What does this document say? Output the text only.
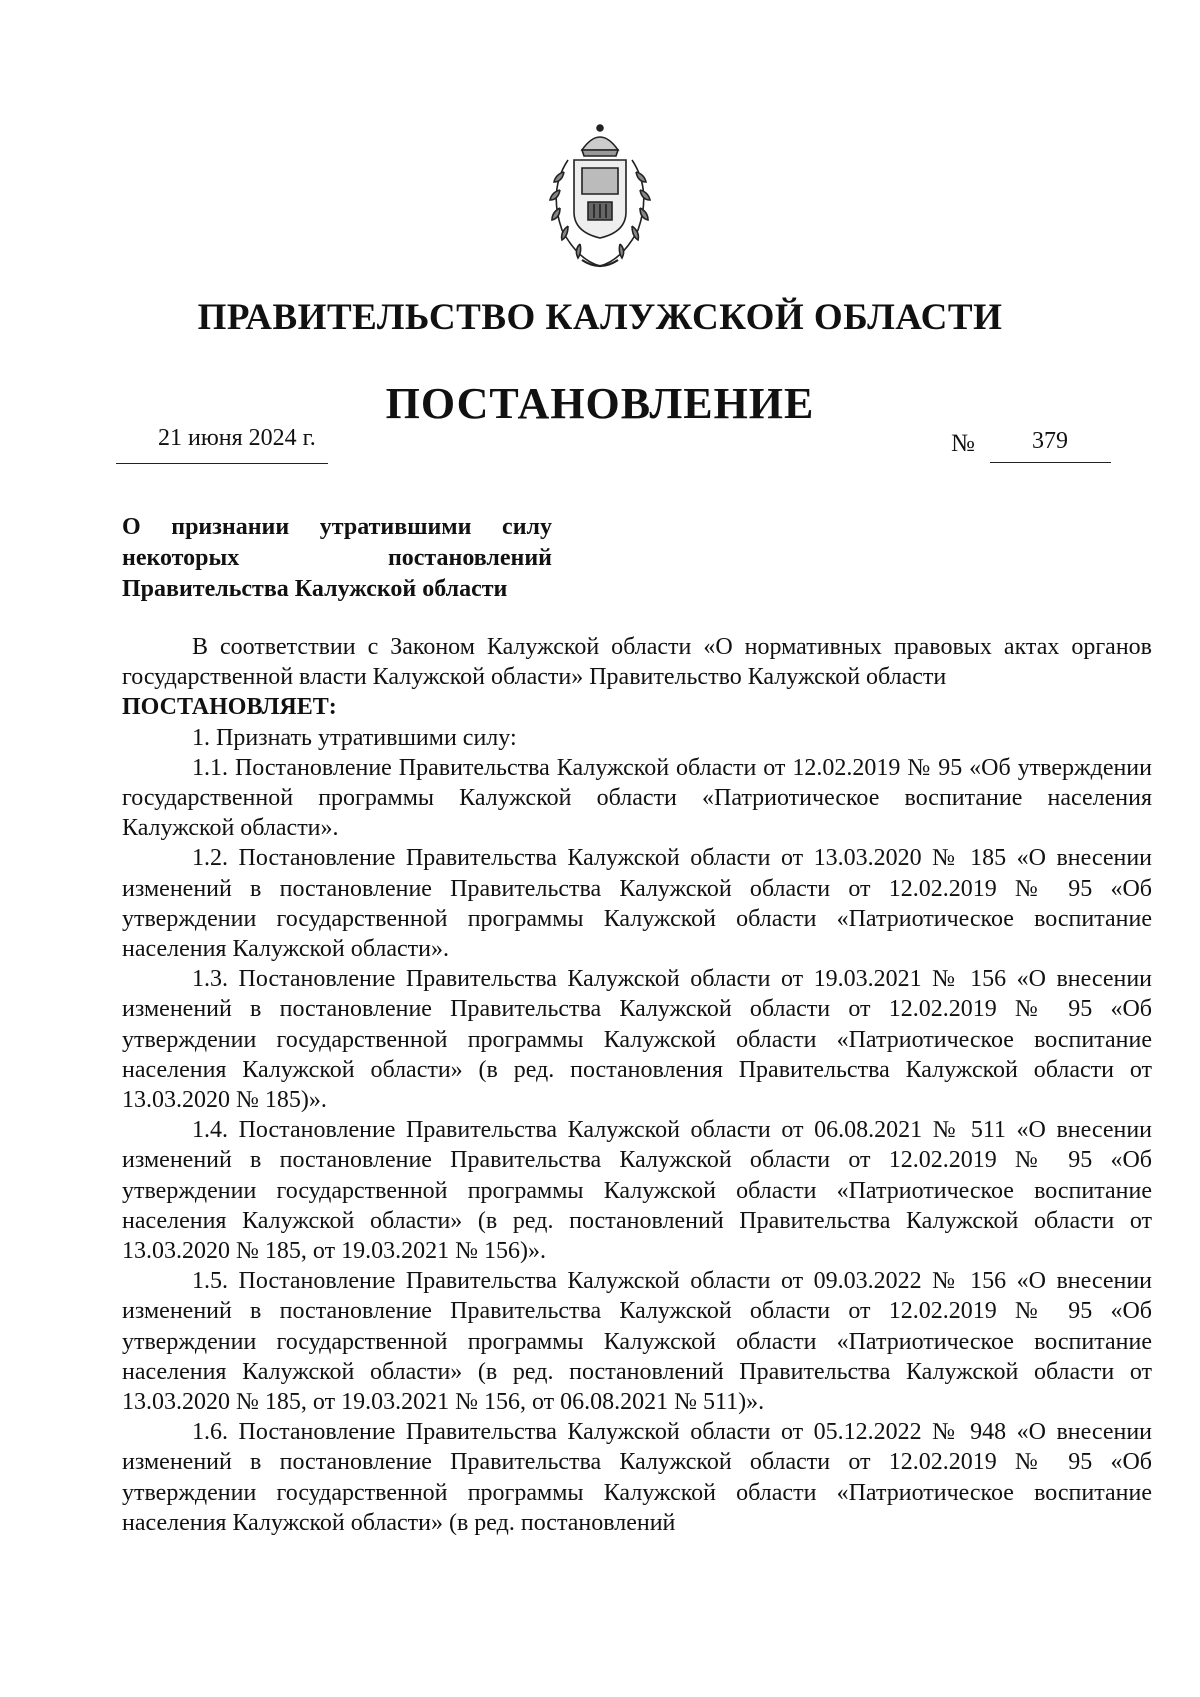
ПРАВИТЕЛЬСТВО КАЛУЖСКОЙ ОБЛАСТИ
ПОСТАНОВЛЕНИЕ
21 июня 2024 г.	№ 379
О признании утратившими силу
некоторых постановлений
Правительства Калужской области

В соответствии с Законом Калужской области «О нормативных правовых актах органов государственной власти Калужской области» Правительство Калужской области

ПОСТАНОВЛЯЕТ:

1. Признать утратившими силу:

1.1. Постановление Правительства Калужской области от 12.02.2019 № 95 «Об утверждении государственной программы Калужской области «Патриотическое воспитание населения Калужской области».

1.2. Постановление Правительства Калужской области от 13.03.2020 № 185 «О внесении изменений в постановление Правительства Калужской области от 12.02.2019 № 95 «Об утверждении государственной программы Калужской области «Патриотическое воспитание населения Калужской области».

1.3. Постановление Правительства Калужской области от 19.03.2021 № 156 «О внесении изменений в постановление Правительства Калужской области от 12.02.2019 № 95 «Об утверждении государственной программы Калужской области «Патриотическое воспитание населения Калужской области» (в ред. постановления Правительства Калужской области от 13.03.2020 № 185)».

1.4. Постановление Правительства Калужской области от 06.08.2021 № 511 «О внесении изменений в постановление Правительства Калужской области от 12.02.2019 № 95 «Об утверждении государственной программы Калужской области «Патриотическое воспитание населения Калужской области» (в ред. постановлений Правительства Калужской области от 13.03.2020 № 185, от 19.03.2021 № 156)».

1.5. Постановление Правительства Калужской области от 09.03.2022 № 156 «О внесении изменений в постановление Правительства Калужской области от 12.02.2019 № 95 «Об утверждении государственной программы Калужской области «Патриотическое воспитание населения Калужской области» (в ред. постановлений Правительства Калужской области от 13.03.2020 № 185, от 19.03.2021 № 156, от 06.08.2021 № 511)».

1.6. Постановление Правительства Калужской области от 05.12.2022 № 948 «О внесении изменений в постановление Правительства Калужской области от 12.02.2019 № 95 «Об утверждении государственной программы Калужской области «Патриотическое воспитание населения Калужской области» (в ред. постановлений
